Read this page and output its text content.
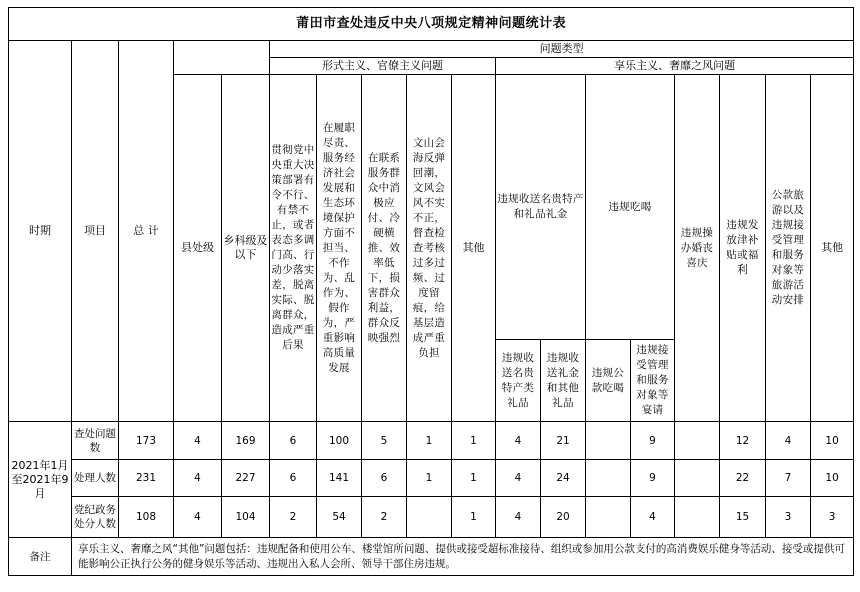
莆田市查处违反中央八项规定精神问题统计表																	
时期	项目	总 计			问题类型												
					形式主义、官僚主义问题					享乐主义、奢靡之风问题							
			县处级	乡科级及以下	贯彻党中央重大决策部署有令不行、有禁不止，或者表态多调门高、行动少落实差，脱离实际、脱离群众，造成严重后果	在履职尽责、服务经济社会发展和生态环境保护方面不担当、不作为、乱作为、假作为，严重影响高质量发展	在联系服务群众中消极应付、冷硬横推、效率低下，损害群众利益，群众反映强烈	文山会海反弹回潮，文风会风不实不正，督查检查考核过多过频、过度留痕，给基层造成严重负担	其他	违规收送名贵特产和礼品礼金		违规吃喝		违规操办婚丧喜庆	违规发放津补贴或福利	公款旅游以及违规接受管理和服务对象等旅游活动安排	其他
										违规收送名贵特产类礼品	违规收送礼金和其他礼品	违规公款吃喝	违规接受管理和服务对象等宴请				

2021年1月至2021年9月	查处问题数	173	4	169	6	100	5	1	1	4	21		9		12	4	10
	处理人数	231	4	227	6	141	6	1	1	4	24		9		22	7	10
	党纪政务处分人数	108	4	104	2	54	2		1	4	20		4		15	3	3
备注	享乐主义、奢靡之风“其他”问题包括：违规配备和使用公车、楼堂馆所问题、提供或接受超标准接待、组织或参加用公款支付的高消费娱乐健身等活动、接受或提供可能影响公正执行公务的健身娱乐等活动、违规出入私人会所、领导干部住房违规。																
